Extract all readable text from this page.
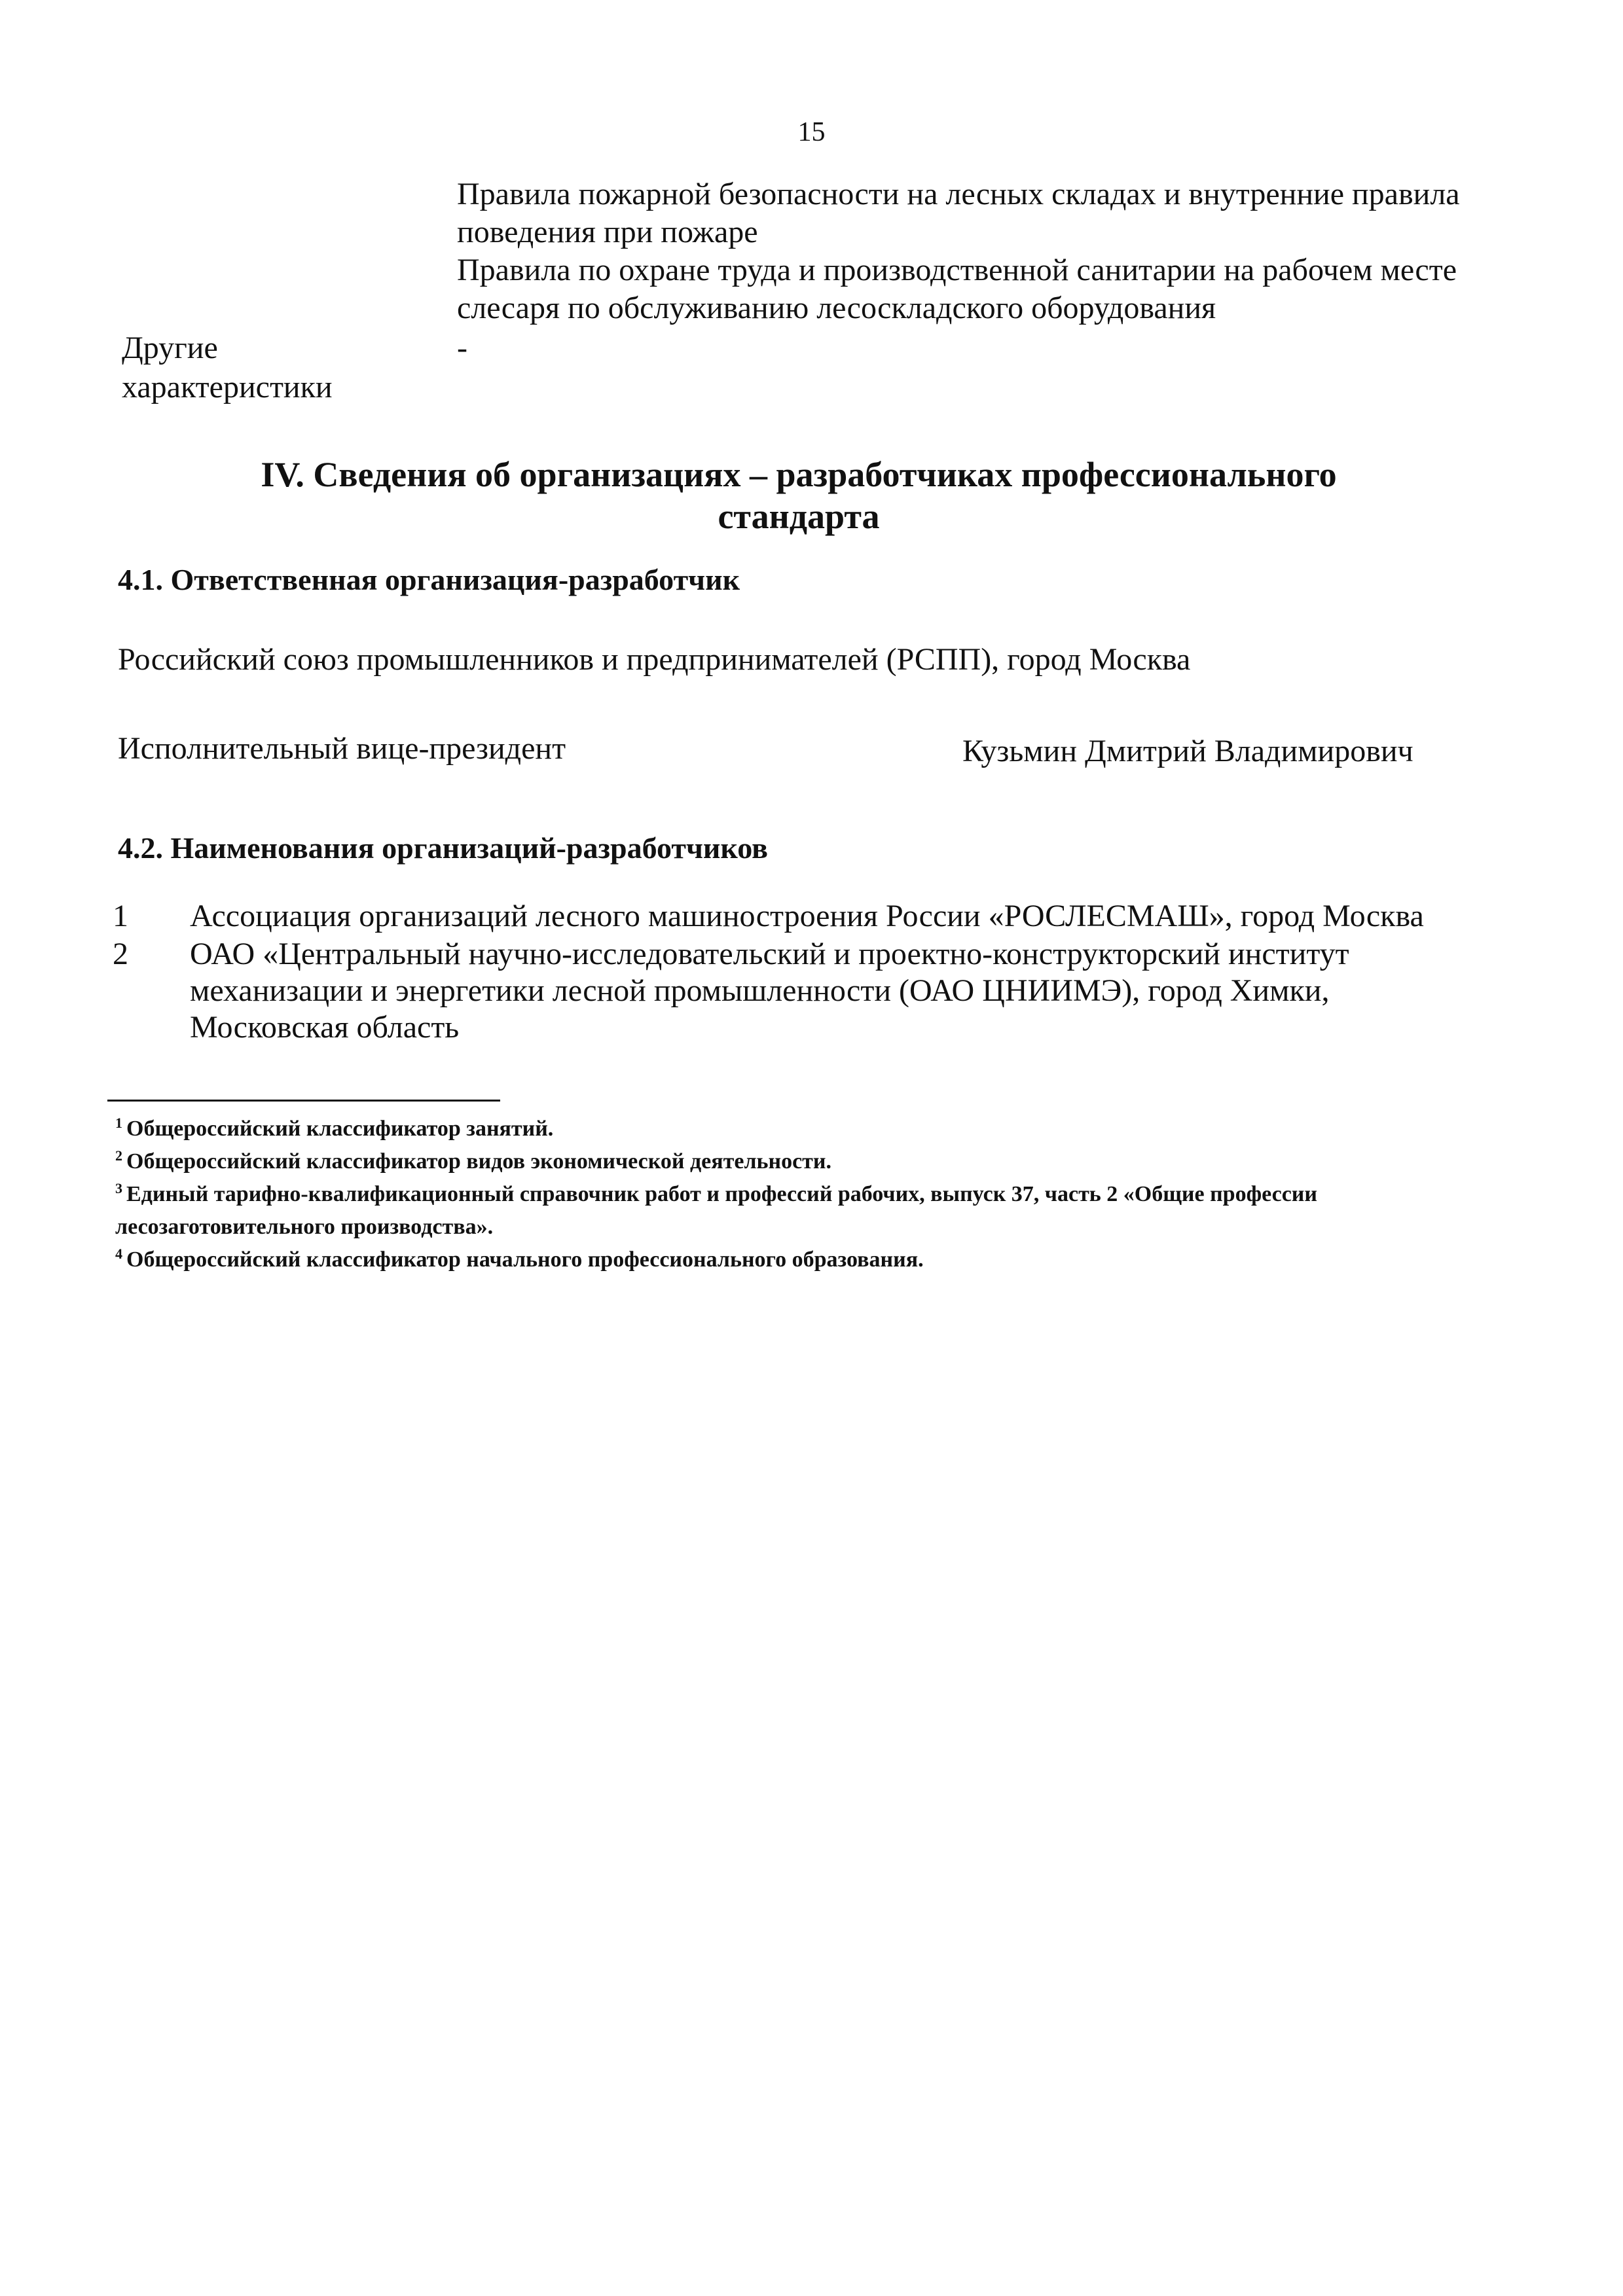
15
Правила пожарной безопасности на лесных складах и внутренние правила
поведения при пожаре
Правила по охране труда и производственной санитарии на рабочем месте
слесаря по обслуживанию лесоскладского оборудования
Другие
характеристики
-
IV. Сведения об организациях – разработчиках профессионального
стандарта
4.1. Ответственная организация-разработчик
Российский союз промышленников и предпринимателей (РСПП), город Москва
Исполнительный вице-президент	Кузьмин Дмитрий Владимирович
4.2. Наименования организаций-разработчиков
1 Ассоциация организаций лесного машиностроения России «РОСЛЕСМАШ», город Москва
2 ОАО «Центральный научно-исследовательский и проектно-конструкторский институт
механизации и энергетики лесной промышленности (ОАО ЦНИИМЭ), город Химки,
Московская область
$^1$ Общероссийский классификатор занятий.
$^2$ Общероссийский классификатор видов экономической деятельности.
$^3$ Единый тарифно-квалификационный справочник работ и профессий рабочих, выпуск 37, часть 2 «Общие профессии
лесозаготовительного производства».
$^4$ Общероссийский классификатор начального профессионального образования.
